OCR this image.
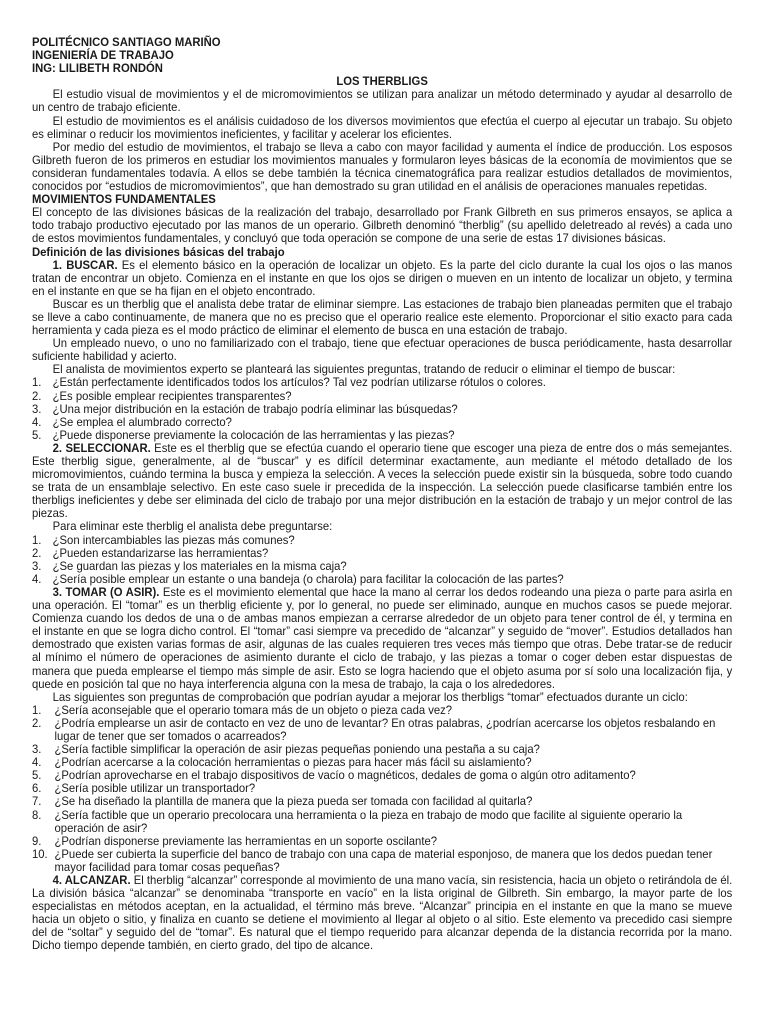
POLITÉCNICO SANTIAGO MARIÑO
INGENIERÍA DE TRABAJO
ING: LILIBETH RONDÓN
LOS THERBLIGS

El estudio visual de movimientos y el de micromovimientos se utilizan para analizar un método determinado y ayudar al desarrollo de un centro de trabajo eficiente.

El estudio de movimientos es el análisis cuidadoso de los diversos movimientos que efectúa el cuerpo al ejecutar un trabajo. Su objeto es eliminar o reducir los movimientos ineficientes, y facilitar y acelerar los eficientes.

Por medio del estudio de movimientos, el trabajo se lleva a cabo con mayor facilidad y aumenta el índice de producción. Los esposos Gilbreth fueron de los primeros en estudiar los movimientos manuales y formularon leyes básicas de la economía de movimientos que se consideran fundamentales todavía. A ellos se debe también la técnica cinematográfica para realizar estudios detallados de movimientos, conocidos por “estudios de micromovimientos”, que han demostrado su gran utilidad en el análisis de operaciones manuales repetidas.

MOVIMIENTOS FUNDAMENTALES

El concepto de las divisiones básicas de la realización del trabajo, desarrollado por Frank Gilbreth en sus primeros ensayos, se aplica a todo trabajo productivo ejecutado por las manos de un operario. Gilbreth denominó “therblig” (su apellido deletreado al revés) a cada uno de estos movimientos fundamentales, y concluyó que toda operación se compone de una serie de estas 17 divisiones básicas.

Definición de las divisiones básicas del trabajo

1. BUSCAR. Es el elemento básico en la operación de localizar un objeto. Es la parte del ciclo durante la cual los ojos o las manos tratan de encontrar un objeto. Comienza en el instante en que los ojos se dirigen o mueven en un intento de localizar un objeto, y termina en el instante en que se ha fijan en el objeto encontrado.

Buscar es un therblig que el analista debe tratar de eliminar siempre. Las estaciones de trabajo bien planeadas permiten que el trabajo se lleve a cabo continuamente, de manera que no es preciso que el operario realice este elemento. Proporcionar el sitio exacto para cada herramienta y cada pieza es el modo práctico de eliminar el elemento de busca en una estación de trabajo.

Un empleado nuevo, o uno no familiarizado con el trabajo, tiene que efectuar operaciones de busca periódicamente, hasta desarrollar suficiente habilidad y acierto.

El analista de movimientos experto se planteará las siguientes preguntas, tratando de reducir o eliminar el tiempo de buscar:

1. ¿Están perfectamente identificados todos los artículos? Tal vez podrían utilizarse rótulos o colores.
2. ¿Es posible emplear recipientes transparentes?
3. ¿Una mejor distribución en la estación de trabajo podría eliminar las búsquedas?
4. ¿Se emplea el alumbrado correcto?
5. ¿Puede disponerse previamente la colocación de las herramientas y las piezas?

2. SELECCIONAR. Este es el therblig que se efectúa cuando el operario tiene que escoger una pieza de entre dos o más semejantes. Este therblig sigue, generalmente, al de “buscar” y es difícil determinar exactamente, aun mediante el método detallado de los micromovimientos, cuándo termina la busca y empieza la selección. A veces la selección puede existir sin la búsqueda, sobre todo cuando se trata de un ensamblaje selectivo. En este caso suele ir precedida de la inspección. La selección puede clasificarse también entre los therbligs ineficientes y debe ser eliminada del ciclo de trabajo por una mejor distribución en la estación de trabajo y un mejor control de las piezas.

Para eliminar este therblig el analista debe preguntarse:

1. ¿Son intercambiables las piezas más comunes?
2. ¿Pueden estandarizarse las herramientas?
3. ¿Se guardan las piezas y los materiales en la misma caja?
4. ¿Sería posible emplear un estante o una bandeja (o charola) para facilitar la colocación de las partes?

3. TOMAR (O ASIR). Este es el movimiento elemental que hace la mano al cerrar los dedos rodeando una pieza o parte para asirla en una operación. El “tomar” es un therblig eficiente y, por lo general, no puede ser eliminado, aunque en muchos casos se puede mejorar. Comienza cuando los dedos de una o de ambas manos empiezan a cerrarse alrededor de un objeto para tener control de él, y termina en el instante en que se logra dicho control. El “tomar” casi siempre va precedido de “alcanzar” y seguido de “mover”. Estudios detallados han demostrado que existen varias formas de asir, algunas de las cuales requieren tres veces más tiempo que otras. Debe tratar-se de reducir al mínimo el número de operaciones de asimiento durante el ciclo de trabajo, y las piezas a tomar o coger deben estar dispuestas de manera que pueda emplearse el tiempo más simple de asir. Esto se logra haciendo que el objeto asuma por sí solo una localización fija, y quede en posición tal que no haya interferencia alguna con la mesa de trabajo, la caja o los alrededores.

Las siguientes son preguntas de comprobación que podrían ayudar a mejorar los therbligs “tomar” efectuados durante un ciclo:

1. ¿Sería aconsejable que el operario tomara más de un objeto o pieza cada vez?
2. ¿Podría emplearse un asir de contacto en vez de uno de levantar? En otras palabras, ¿podrían acercarse los objetos resbalando en lugar de tener que ser tomados o acarreados?
3. ¿Sería factible simplificar la operación de asir piezas pequeñas poniendo una pestaña a su caja?
4. ¿Podrían acercarse a la colocación herramientas o piezas para hacer más fácil su aislamiento?
5. ¿Podrían aprovecharse en el trabajo dispositivos de vacío o magnéticos, dedales de goma o algún otro aditamento?
6. ¿Sería posible utilizar un transportador?
7. ¿Se ha diseñado la plantilla de manera que la pieza pueda ser tomada con facilidad al quitarla?
8. ¿Sería factible que un operario precolocara una herramienta o la pieza en trabajo de modo que facilite al siguiente operario la operación de asir?
9. ¿Podrían disponerse previamente las herramientas en un soporte oscilante?
10. ¿Puede ser cubierta la superficie del banco de trabajo con una capa de material esponjoso, de manera que los dedos puedan tener mayor facilidad para tomar cosas pequeñas?

4. ALCANZAR. El therblig “alcanzar” corresponde al movimiento de una mano vacía, sin resistencia, hacia un objeto o retirándola de él. La división básica “alcanzar” se denominaba “transporte en vacío” en la lista original de Gilbreth. Sin embargo, la mayor parte de los especialistas en métodos aceptan, en la actualidad, el término más breve. “Alcanzar” principia en el instante en que la mano se mueve hacia un objeto o sitio, y finaliza en cuanto se detiene el movimiento al llegar al objeto o al sitio. Este elemento va precedido casi siempre del de “soltar” y seguido del de “tomar”. Es natural que el tiempo requerido para alcanzar dependa de la distancia recorrida por la mano. Dicho tiempo depende también, en cierto grado, del tipo de alcance.
